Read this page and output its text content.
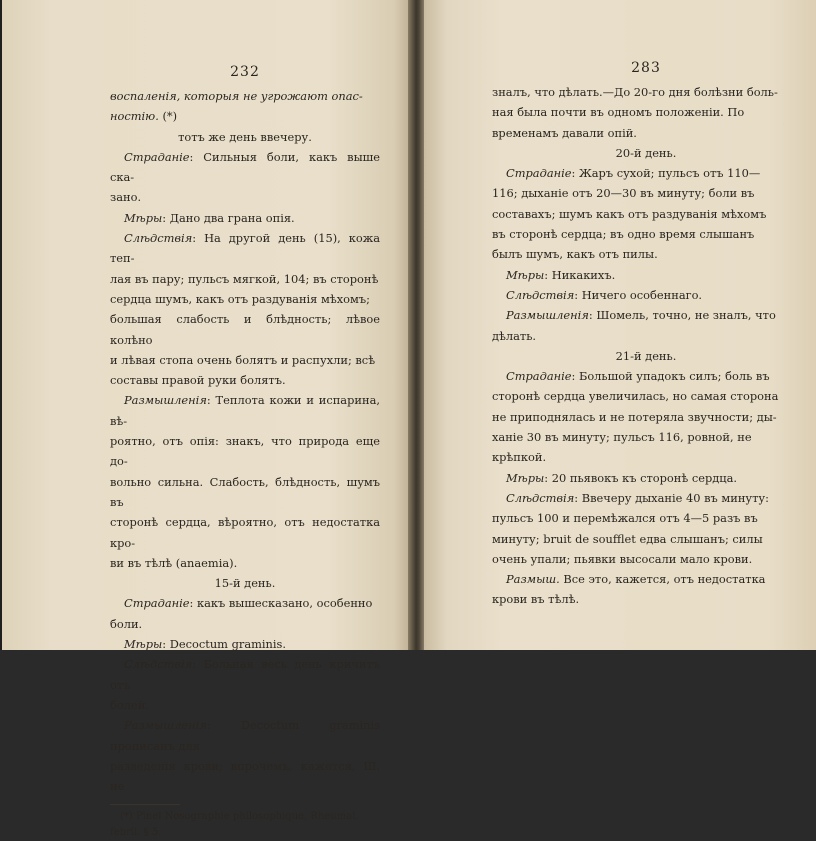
232

воспаленія, которыя не угрожают опас-

ностію. (*)

тотъ же день ввечеру.

Страданіе: Сильныя боли, какъ выше ска-

зано.

Мѣры: Дано два грана опія.

Слѣдствія: На другой день (15), кожа теп-

лая въ пару; пульсъ мягкой, 104; въ сторонѣ

сердца шумъ, какъ отъ раздуванія мѣхомъ;

большая слабость и блѣдность; лѣвое колѣно

и лѣвая стопа очень болятъ и распухли; всѣ

составы правой руки болятъ.

Размышленія: Теплота кожи и испарина, вѣ-

роятно, отъ опія: знакъ, что природа еще до-

вольно сильна. Слабость, блѣдность, шумъ въ

сторонѣ сердца, вѣроятно, отъ недостатка кро-

ви въ тѣлѣ (anaemia).

15-й день.

Страданіе: какъ вышесказано, особенно

боли.

Мѣры: Decoctum graminis.

Слѣдствія: Больная весь день кричитъ отъ

болей.

Размышленія: Decoctum graminis прописанъ для

разведенія крови; впрочемъ, кажется, Ш. не

(*) Pinel Nosographie philosophique, Rheumat. febril. § 5.
283

зналъ, что дѣлать.—До 20-го дня болѣзни боль-

ная была почти въ одномъ положеніи. По

временамъ давали опій.

20-й день.

Страданіе: Жаръ сухой; пульсъ отъ 110—

116; дыханіе отъ 20—30 въ минуту; боли въ

составахъ; шумъ какъ отъ раздуванія мѣхомъ

въ сторонѣ сердца; въ одно время слышанъ

былъ шумъ, какъ отъ пилы.

Мѣры: Никакихъ.

Слѣдствія: Ничего особеннаго.

Размышленія: Шомель, точно, не зналъ, что

дѣлать.

21-й день.

Страданіе: Большой упадокъ силъ; боль въ

сторонѣ сердца увеличилась, но самая сторона

не приподнялась и не потеряла звучности; ды-

ханіе 30 въ минуту; пульсъ 116, ровной, не

крѣпкой.

Мѣры: 20 пьявокъ къ сторонѣ сердца.

Слѣдствія: Ввечеру дыханіе 40 въ минуту:

пульсъ 100 и перемѣжался отъ 4—5 разъ въ

минуту; bruit de soufflet едва слышанъ; силы

очень упали; пьявки высосали мало крови.

Размыш. Все это, кажется, отъ недостатка

крови въ тѣлѣ.
